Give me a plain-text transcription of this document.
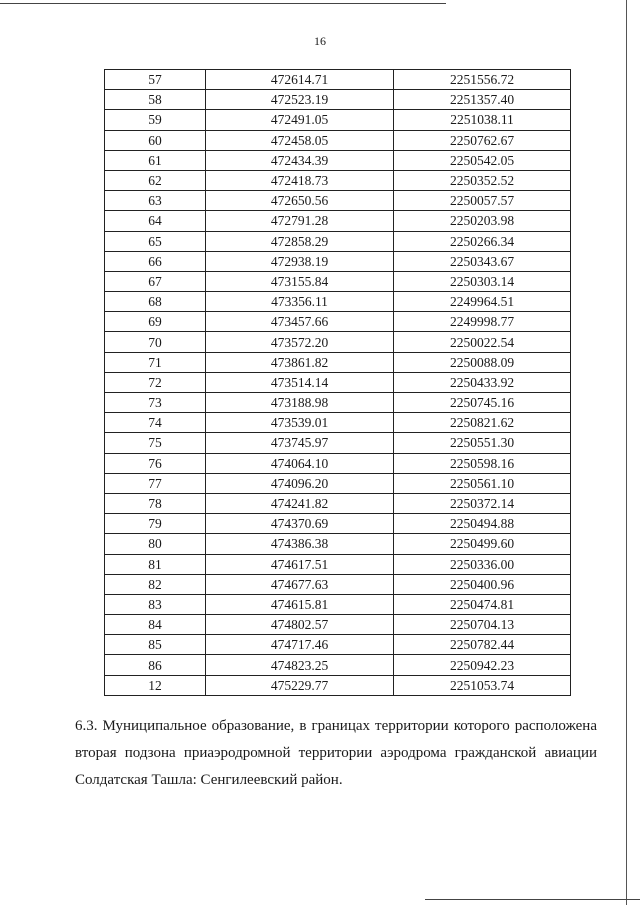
16
57	472614.71	2251556.72
58	472523.19	2251357.40
59	472491.05	2251038.11
60	472458.05	2250762.67
61	472434.39	2250542.05
62	472418.73	2250352.52
63	472650.56	2250057.57
64	472791.28	2250203.98
65	472858.29	2250266.34
66	472938.19	2250343.67
67	473155.84	2250303.14
68	473356.11	2249964.51
69	473457.66	2249998.77
70	473572.20	2250022.54
71	473861.82	2250088.09
72	473514.14	2250433.92
73	473188.98	2250745.16
74	473539.01	2250821.62
75	473745.97	2250551.30
76	474064.10	2250598.16
77	474096.20	2250561.10
78	474241.82	2250372.14
79	474370.69	2250494.88
80	474386.38	2250499.60
81	474617.51	2250336.00
82	474677.63	2250400.96
83	474615.81	2250474.81
84	474802.57	2250704.13
85	474717.46	2250782.44
86	474823.25	2250942.23
12	475229.77	2251053.74
6.3. Муниципальное образование, в границах территории которого расположена вторая подзона приаэродромной территории аэродрома гражданской авиации Солдатская Ташла: Сенгилеевский район.
